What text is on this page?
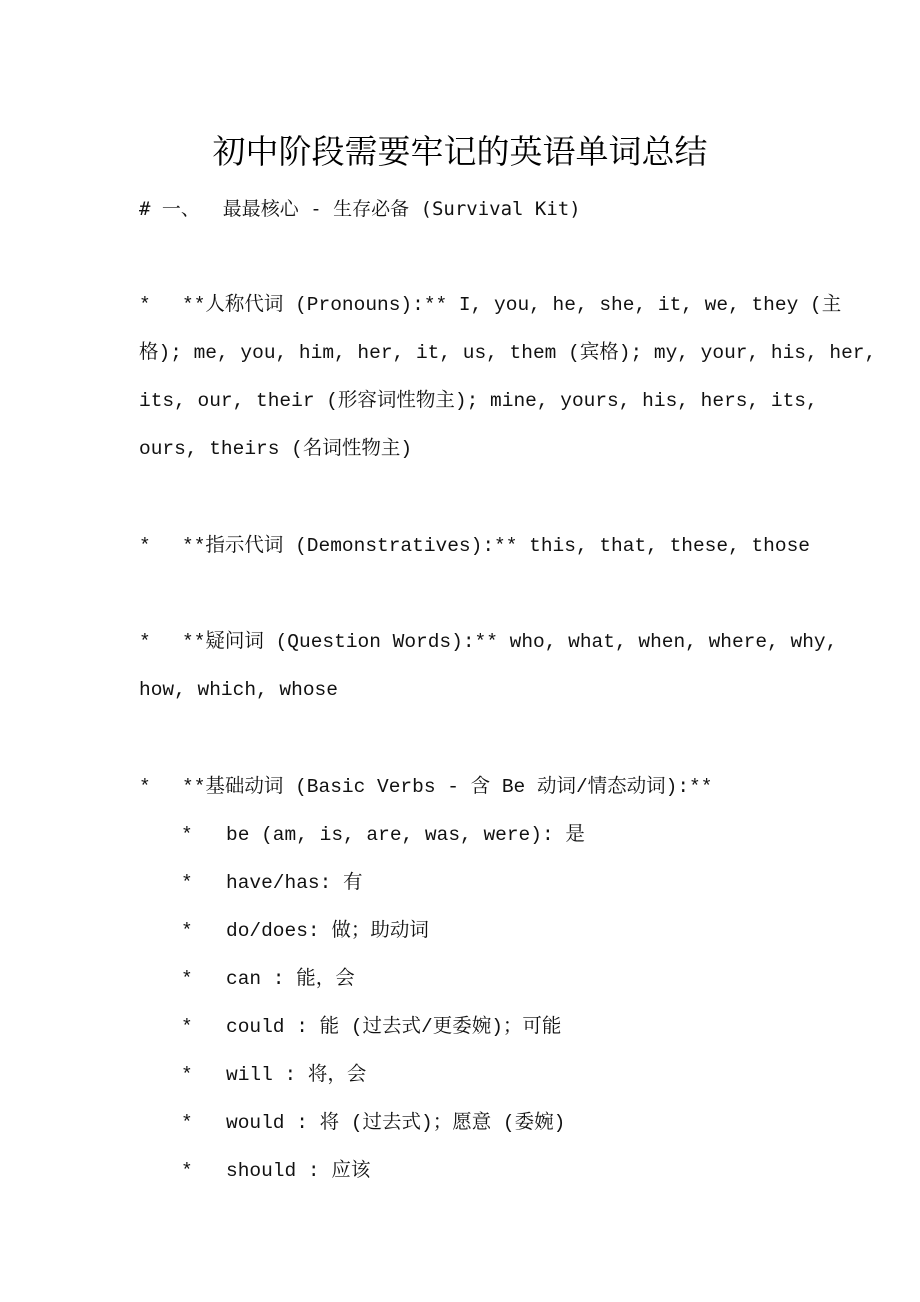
初中阶段需要牢记的英语单词总结
# 一、  最最核心 - 生存必备 (Survival Kit)
* **人称代词 (Pronouns):** I, you, he, she, it, we, they (主
格); me, you, him, her, it, us, them (宾格); my, your, his, her,
its, our, their (形容词性物主); mine, yours, his, hers, its,
ours, theirs (名词性物主)
* **指示代词 (Demonstratives):** this, that, these, those
* **疑问词 (Question Words):** who, what, when, where, why,
how, which, whose
* **基础动词 (Basic Verbs - 含 Be 动词/情态动词):**
* be (am, is, are, was, were): 是
* have/has: 有
* do/does: 做；助动词
* can : 能，会
* could : 能 (过去式/更委婉)；可能
* will : 将，会
* would : 将 (过去式)；愿意 (委婉)
* should : 应该
